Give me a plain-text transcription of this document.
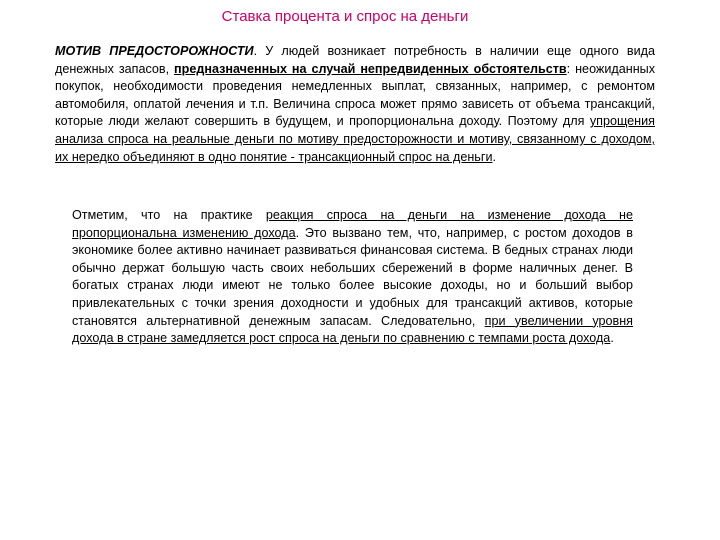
Ставка процента и спрос на деньги

МОТИВ ПРЕДОСТОРОЖНОСТИ. У людей возникает потребность в наличии еще одного вида денежных запасов, предназначенных на случай непредвиденных обстоятельств: неожиданных покупок, необходимости проведения немедленных выплат, связанных, например, с ремонтом автомобиля, оплатой лечения и т.п. Величина спроса может прямо зависеть от объема трансакций, которые люди желают совершить в будущем, и пропорциональна доходу. Поэтому для упрощения анализа спроса на реальные деньги по мотиву предосторожности и мотиву, связанному с доходом, их нередко объединяют в одно понятие - трансакционный спрос на деньги.

Отметим, что на практике реакция спроса на деньги на изменение дохода не пропорциональна изменению дохода. Это вызвано тем, что, например, с ростом доходов в экономике более активно начинает развиваться финансовая система. В бедных странах люди обычно держат большую часть своих небольших сбережений в форме наличных денег. В богатых странах люди имеют не только более высокие доходы, но и больший выбор привлекательных с точки зрения доходности и удобных для трансакций активов, которые становятся альтернативной денежным запасам. Следовательно, при увеличении уровня дохода в стране замедляется рост спроса на деньги по сравнению с темпами роста дохода.
